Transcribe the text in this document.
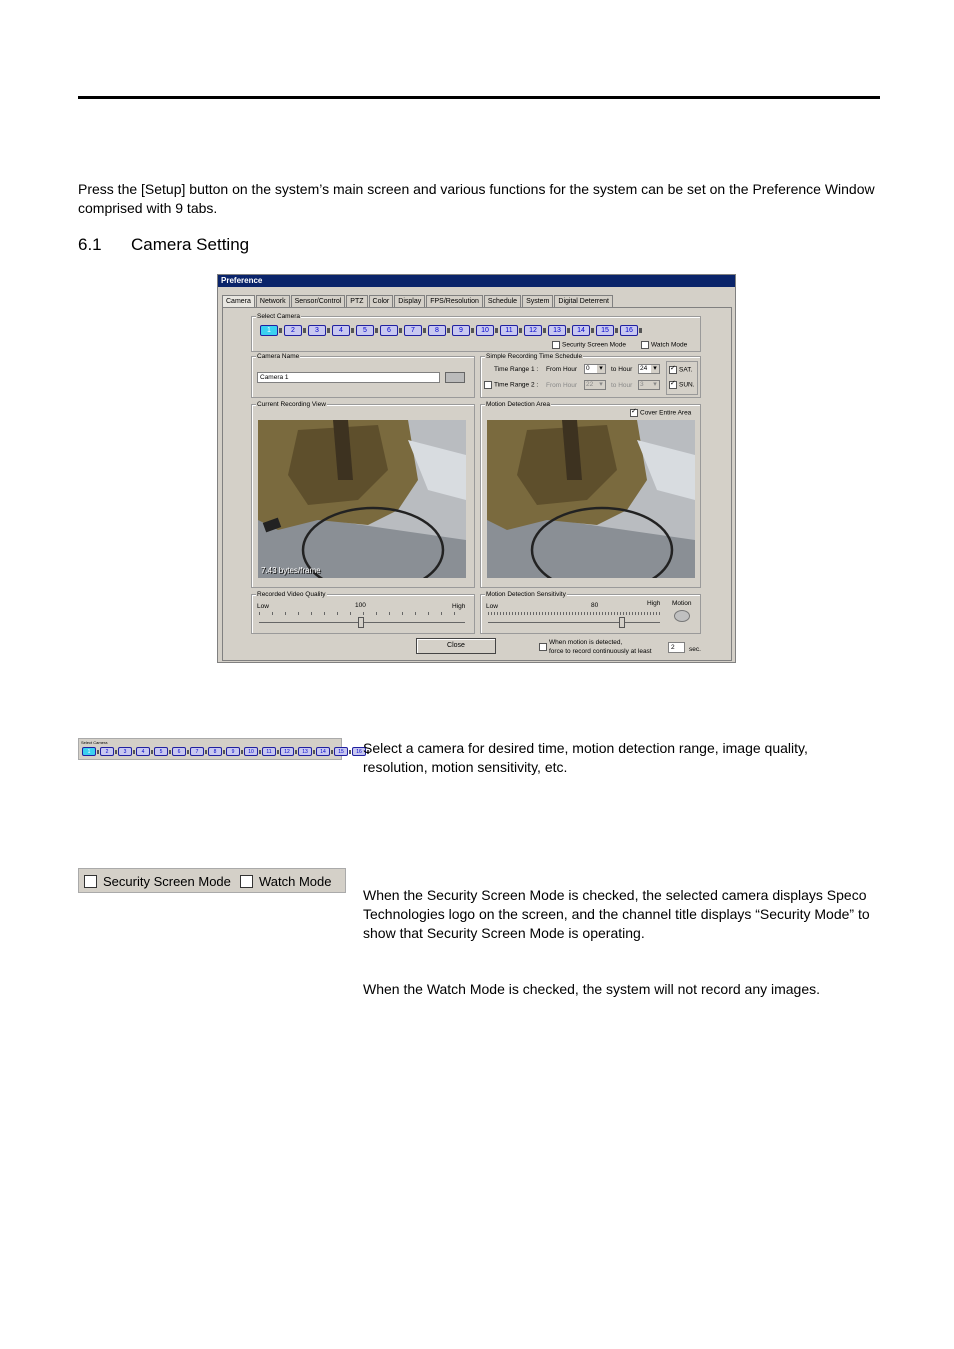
Press the [Setup] button on the system’s main screen and various functions for the system can be set on the Preference Window comprised with 9 tabs.

6.1 Camera Setting
Preference
Camera	Network	Sensor/Control	PTZ	Color	Display	FPS/Resolution	Schedule	System	Digital Deterrent
Select Camera
1	2	3	4	5	6	7	8	9	10	11	12	13	14	15	16
Security Screen Mode	Watch Mode
Camera Name
Camera 1
Simple Recording Time Schedule
Time Range 1 : From Hour	0 ▾	to Hour	24 ▾
Time Range 2 : From Hour	22 ▾	to Hour	3 ▾
✓SAT.
✓SUN.
Current Recording View
7.43 bytes/frame
Motion Detection Area
✓Cover Entire Area
Recorded Video Quality
Low	100	High
Motion Detection Sensitivity
Low	80	High Motion
Close	When motion is detected,
force to record continuously at least
2	sec.
Select Camera
1	2	3	4	5	6	7	8	9	10	11	12	13	14	15	16 Select a camera for desired time, motion detection range, image quality, resolution, motion sensitivity, etc.
Security Screen Mode Watch Mode
When the Security Screen Mode is checked, the selected camera displays Speco Technologies logo on the screen, and the channel title displays “Security Mode” to show that Security Screen Mode is operating.
When the Watch Mode is checked, the system will not record any images.
